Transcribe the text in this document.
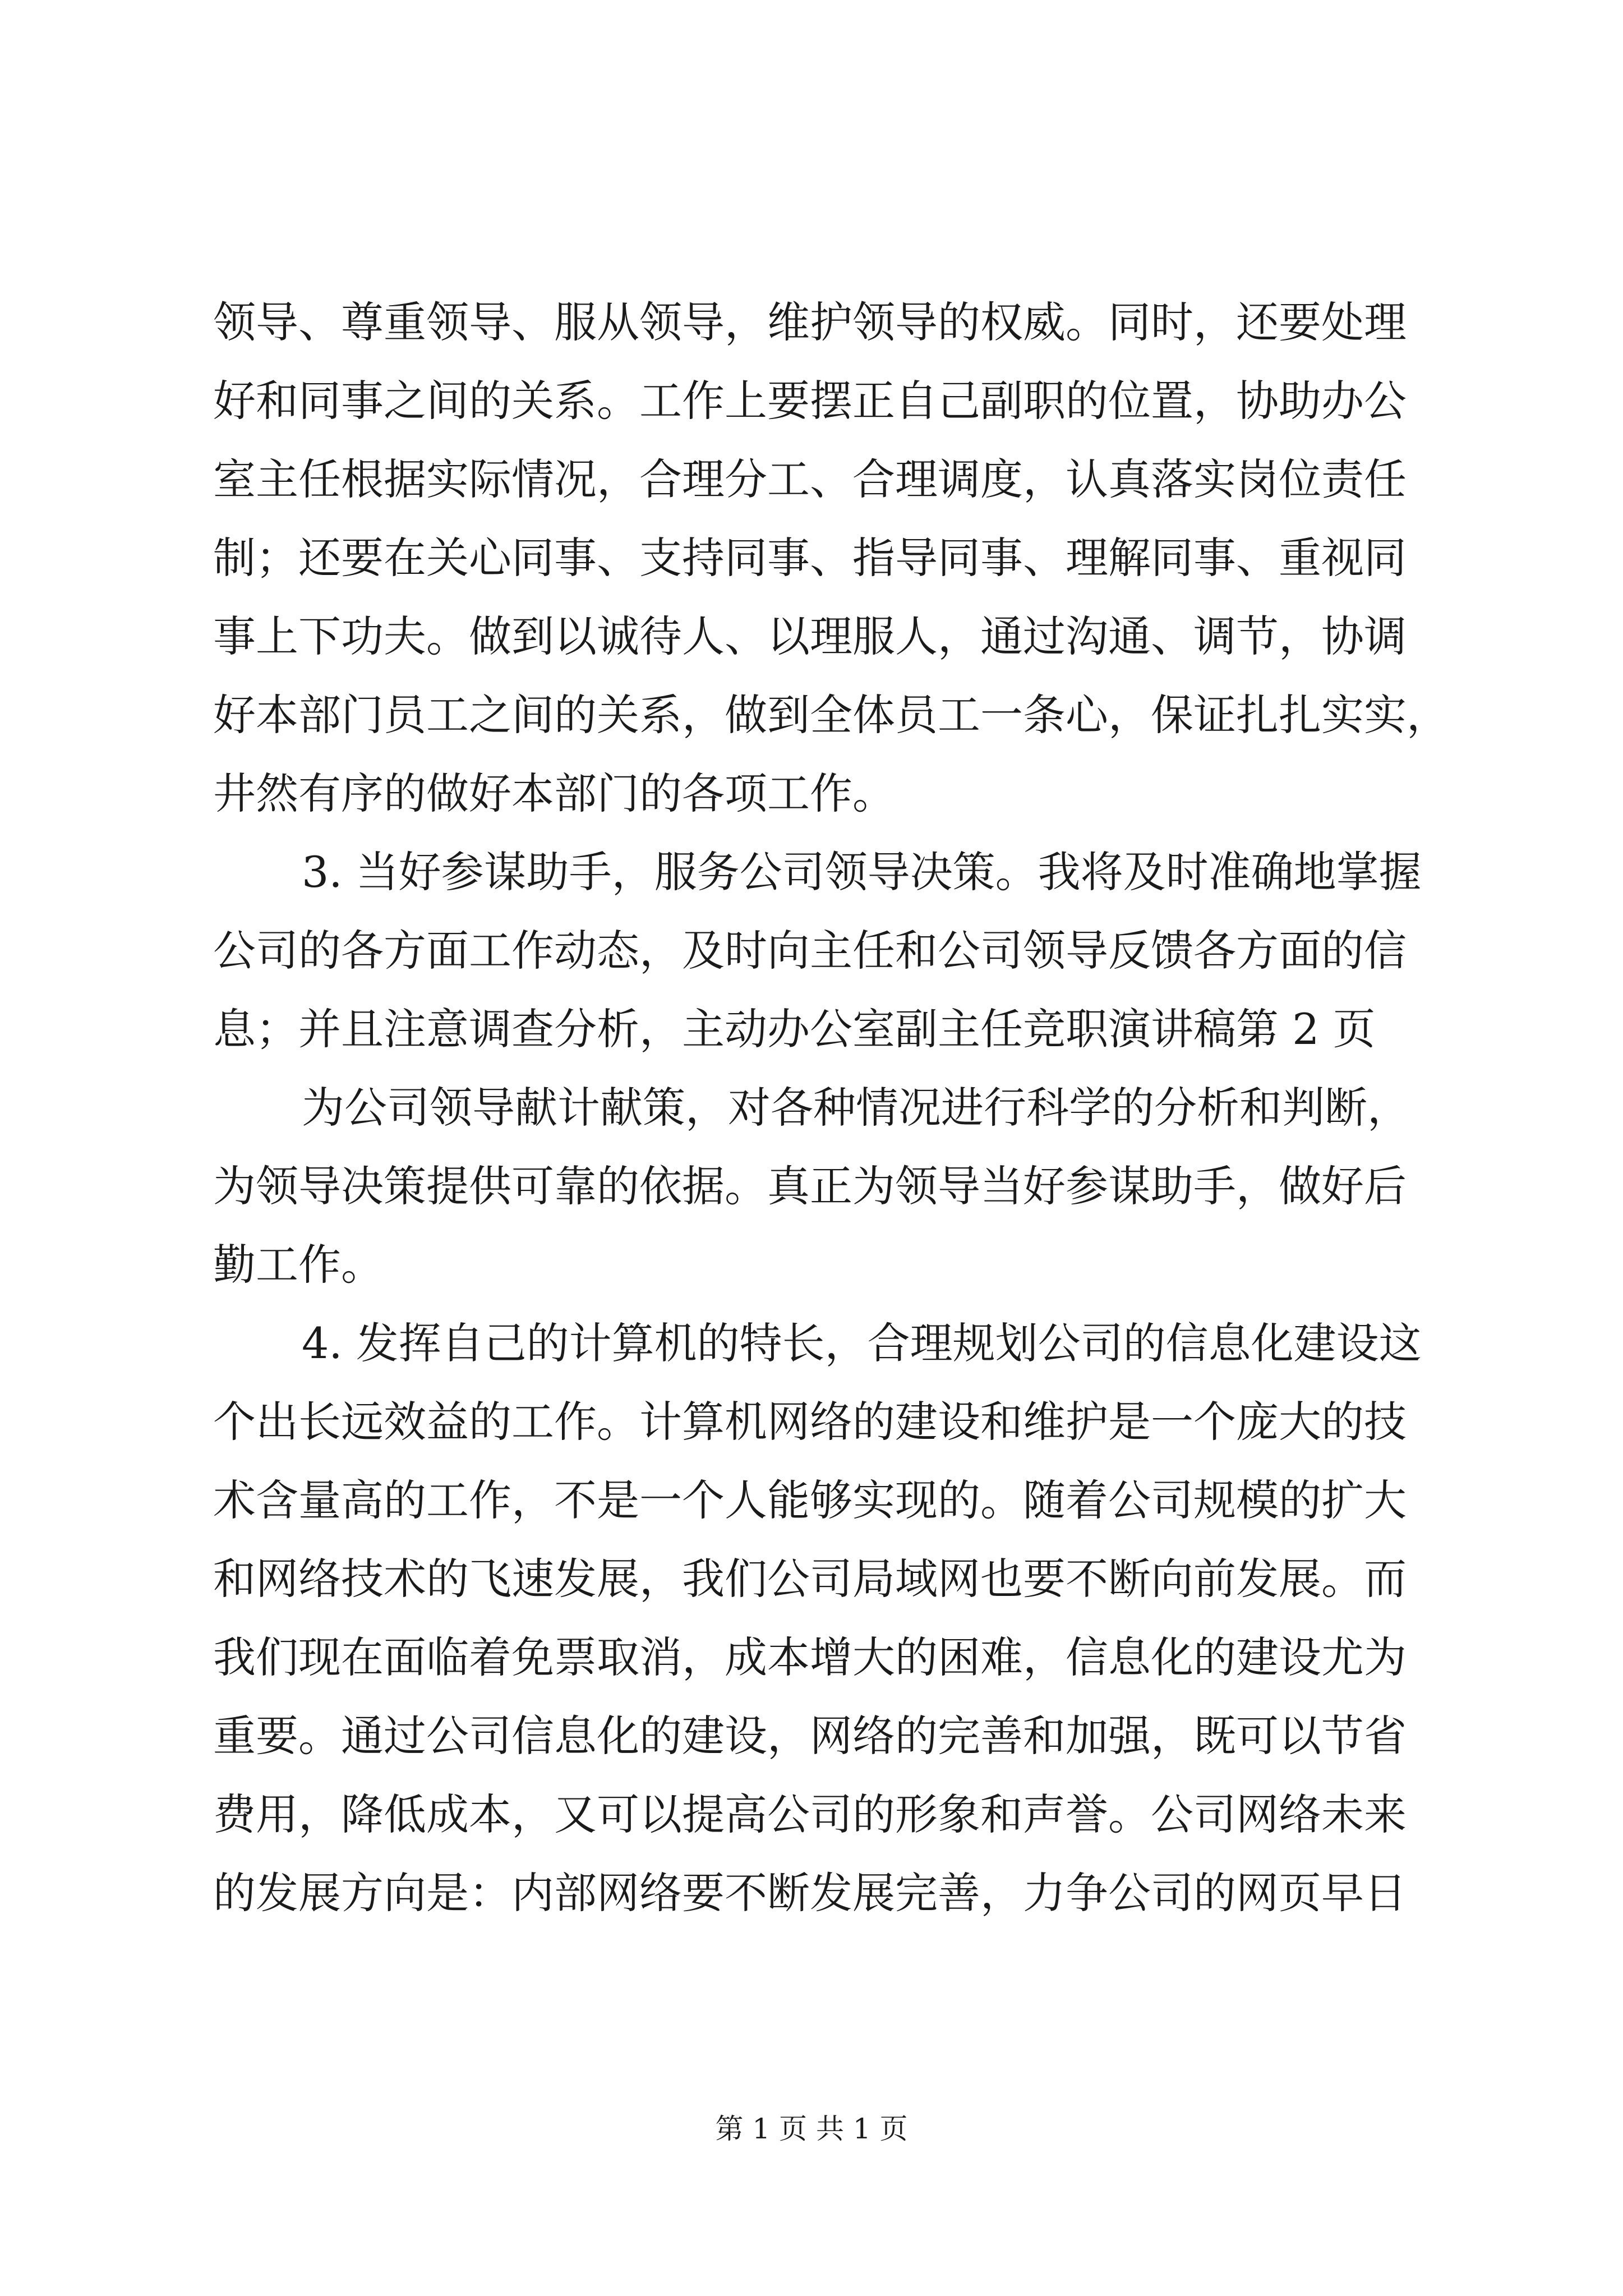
领导、尊重领导、服从领导，维护领导的权威。同时，还要处理
好和同事之间的关系。工作上要摆正自己副职的位置，协助办公
室主任根据实际情况，合理分工、合理调度，认真落实岗位责任
制；还要在关心同事、支持同事、指导同事、理解同事、重视同
事上下功夫。做到以诚待人、以理服人，通过沟通、调节，协调
好本部门员工之间的关系，做到全体员工一条心，保证扎扎实实，
井然有序的做好本部门的各项工作。
3. 当好参谋助手，服务公司领导决策。我将及时准确地掌握
公司的各方面工作动态，及时向主任和公司领导反馈各方面的信
息；并且注意调查分析，主动办公室副主任竞职演讲稿第 2 页
为公司领导献计献策，对各种情况进行科学的分析和判断，
为领导决策提供可靠的依据。真正为领导当好参谋助手，做好后
勤工作。
4. 发挥自己的计算机的特长，合理规划公司的信息化建设这
个出长远效益的工作。计算机网络的建设和维护是一个庞大的技
术含量高的工作，不是一个人能够实现的。随着公司规模的扩大
和网络技术的飞速发展，我们公司局域网也要不断向前发展。而
我们现在面临着免票取消，成本增大的困难，信息化的建设尤为
重要。通过公司信息化的建设，网络的完善和加强，既可以节省
费用，降低成本，又可以提高公司的形象和声誉。公司网络未来
的发展方向是：内部网络要不断发展完善，力争公司的网页早日
第 1 页 共 1 页
